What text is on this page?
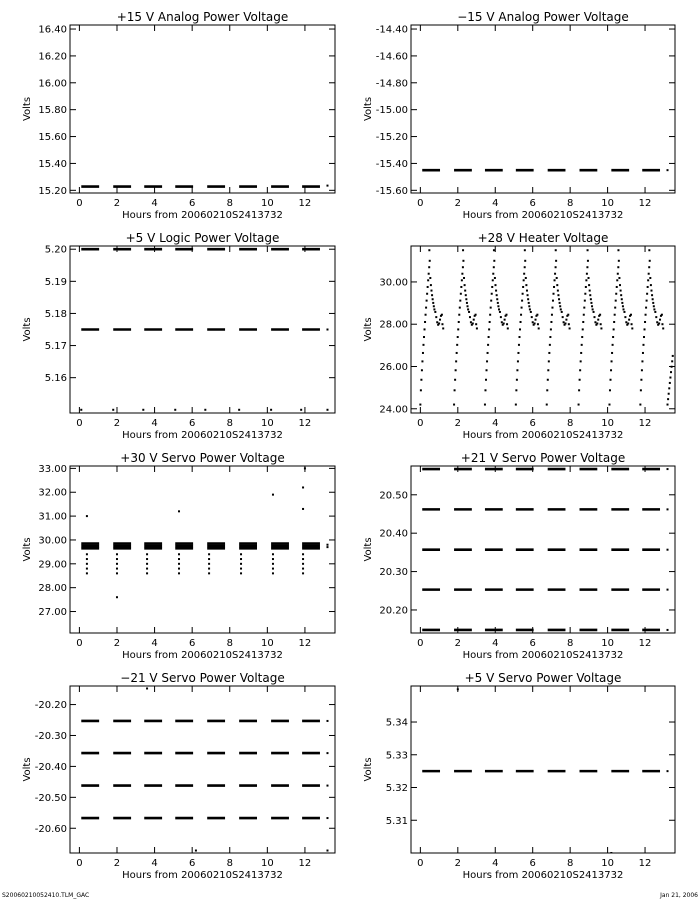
+15 V Analog Power Voltage
0	2	4	6	8	10 12
15.20
15.40
15.60
15.80
16.00
16.20
16.40
Hours from 20060210S2413732
Volts
−15 V Analog Power Voltage
0	2	4	6	8	10 12
-15.60
-15.40
-15.20
-15.00
-14.80
-14.60
-14.40
Hours from 20060210S2413732
Volts
+5 V Logic Power Voltage
0	2	4	6	8	10 12
5.16
5.17
5.18
5.19
5.20
Hours from 20060210S2413732
Volts
+28 V Heater Voltage
0	2	4	6	8	10 12
24.00
26.00
28.00
30.00
Hours from 20060210S2413732
Volts
+30 V Servo Power Voltage
0	2	4	6	8	10 12
27.00
28.00
29.00
30.00
31.00
32.00
33.00
Hours from 20060210S2413732
Volts
+21 V Servo Power Voltage
0	2	4	6	8	10 12
20.20
20.30
20.40
20.50
Hours from 20060210S2413732
Volts
−21 V Servo Power Voltage
0	2	4	6	8	10 12
-20.60
-20.50
-20.40
-20.30
-20.20
Hours from 20060210S2413732
Volts
+5 V Servo Power Voltage
0	2	4	6	8	10 12
5.31
5.32
5.33
5.34
Hours from 20060210S2413732
Volts
S20060210052410.TLM_GAC	Jan 21, 2006
